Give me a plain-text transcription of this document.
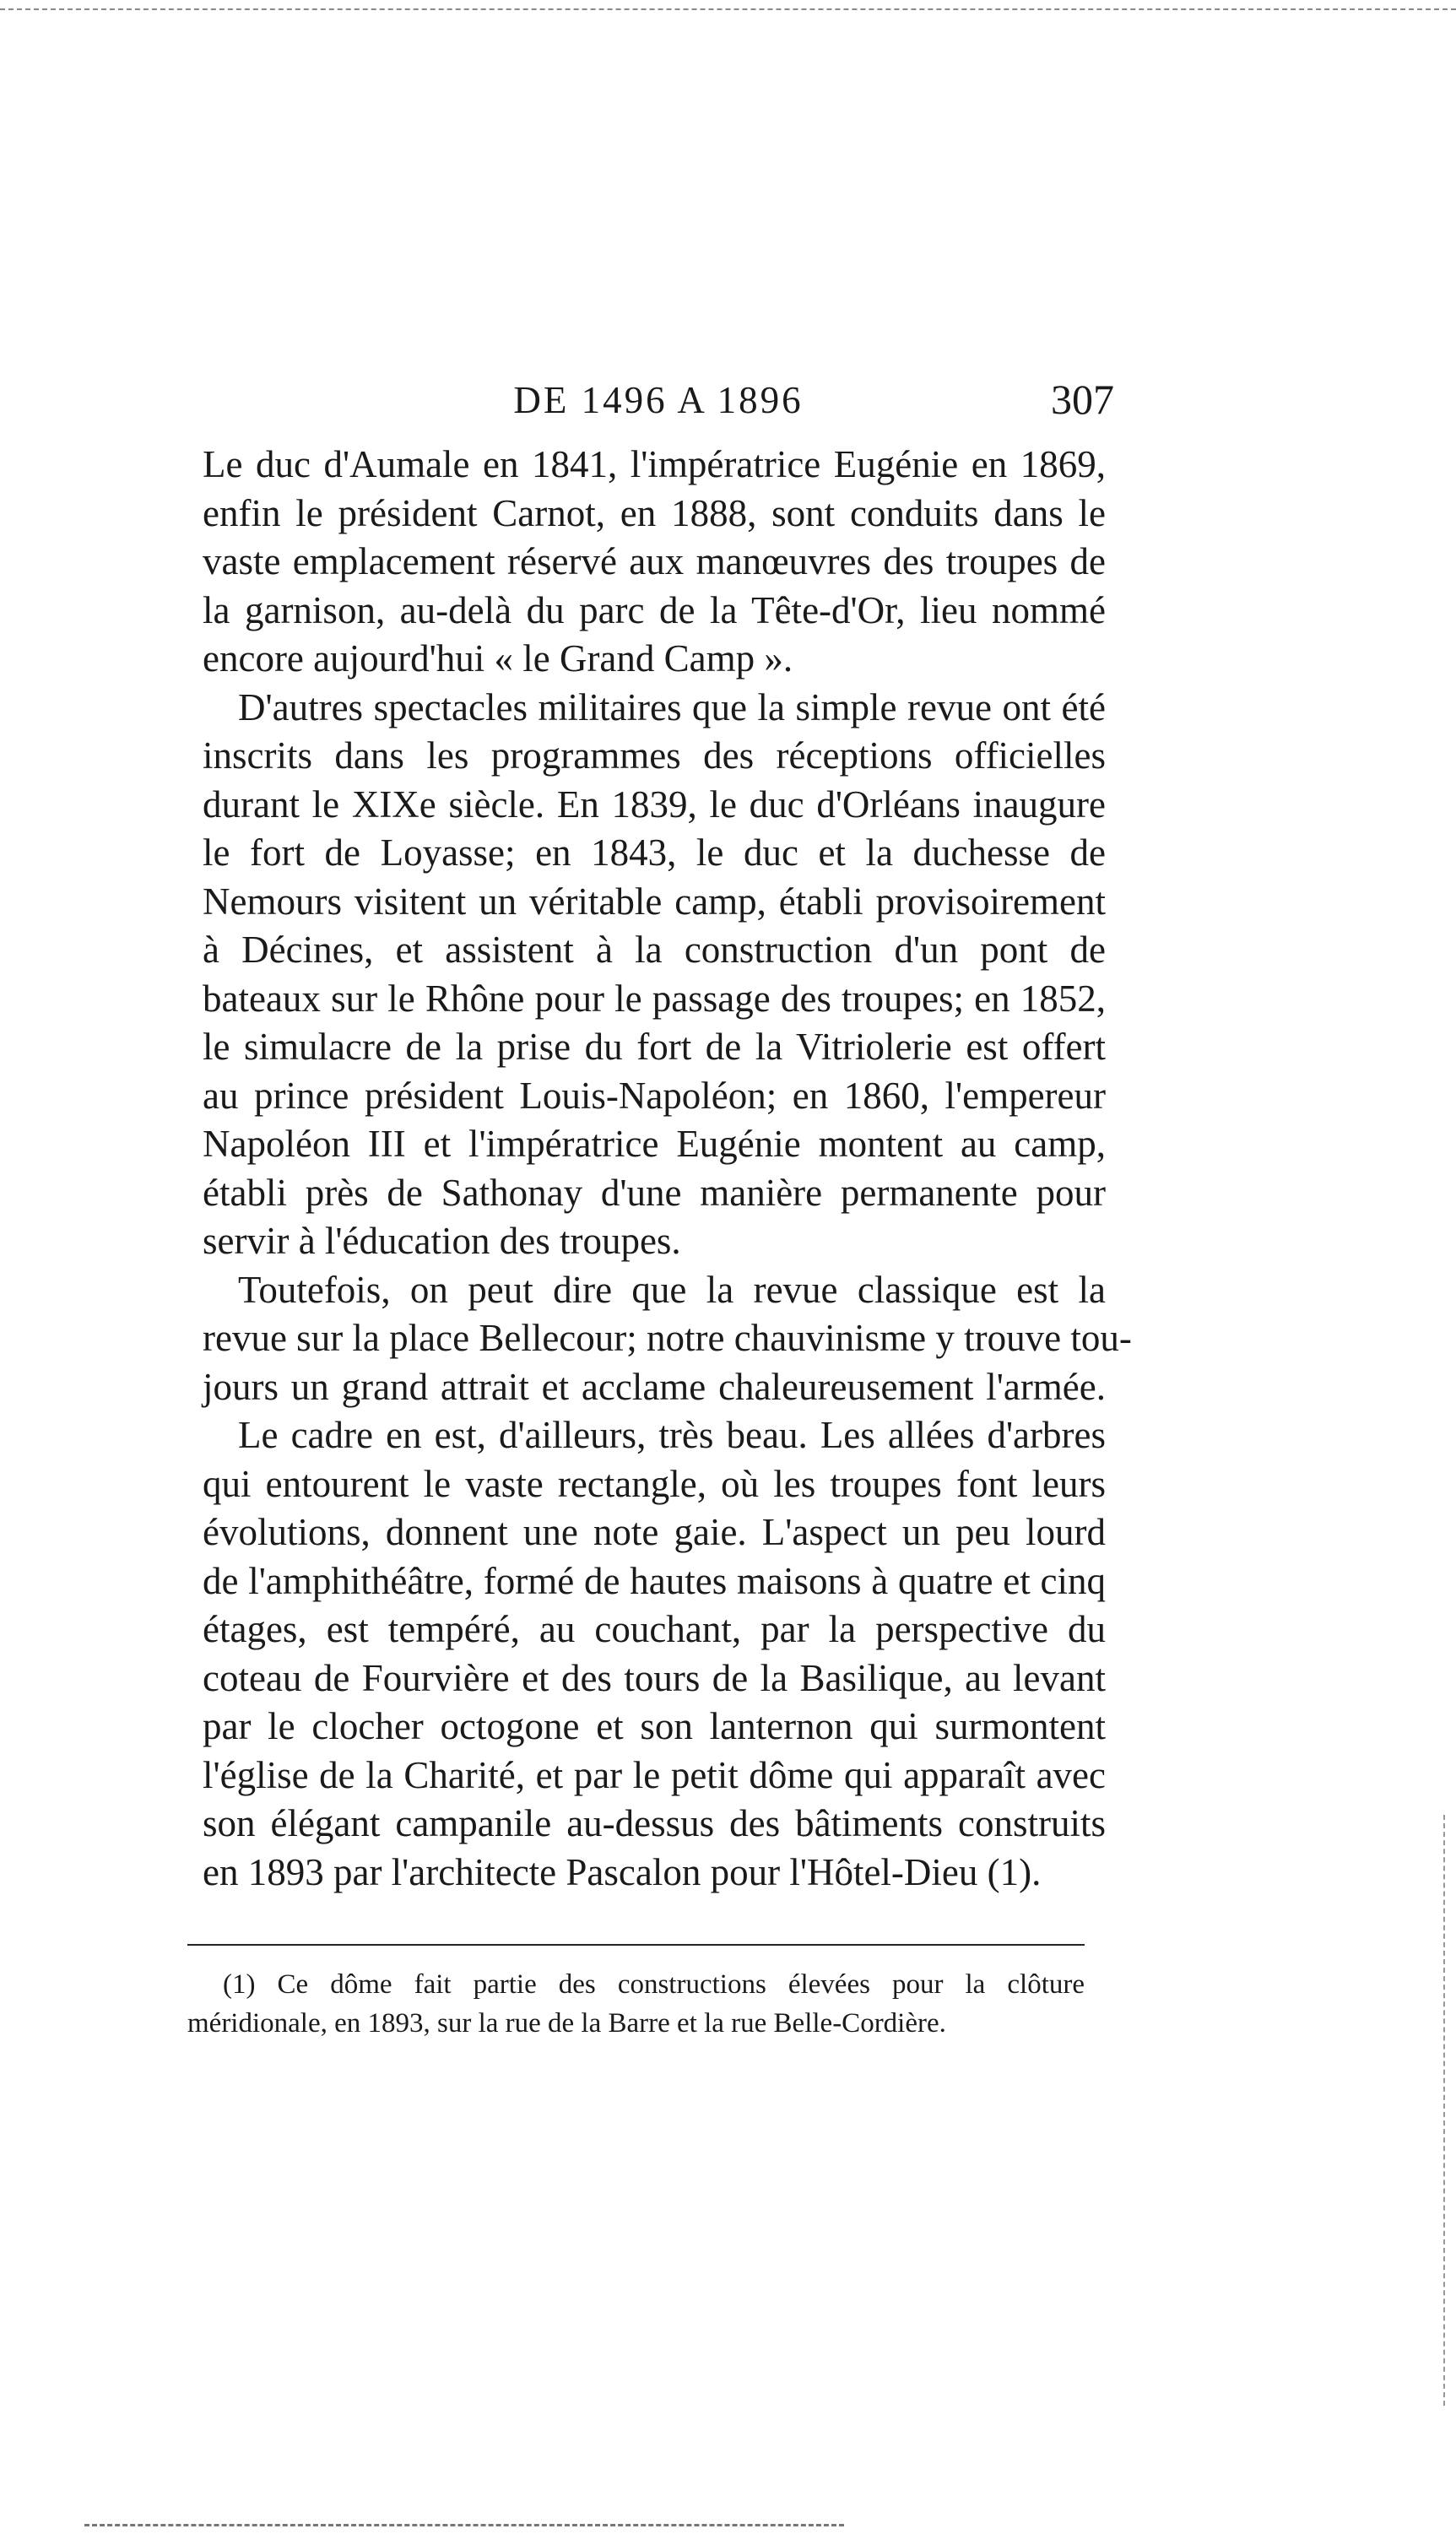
DE 1496 A 1896	307
Le duc d'Aumale en 1841, l'impératrice Eugénie en 1869,
enfin le président Carnot, en 1888, sont conduits dans le
vaste emplacement réservé aux manœuvres des troupes de
la garnison, au-delà du parc de la Tête-d'Or, lieu nommé
encore aujourd'hui « le Grand Camp ».
D'autres spectacles militaires que la simple revue ont été
inscrits dans les programmes des réceptions officielles
durant le XIXe siècle. En 1839, le duc d'Orléans inaugure
le fort de Loyasse; en 1843, le duc et la duchesse de
Nemours visitent un véritable camp, établi provisoirement
à Décines, et assistent à la construction d'un pont de
bateaux sur le Rhône pour le passage des troupes; en 1852,
le simulacre de la prise du fort de la Vitriolerie est offert
au prince président Louis-Napoléon; en 1860, l'empereur
Napoléon III et l'impératrice Eugénie montent au camp,
établi près de Sathonay d'une manière permanente pour
servir à l'éducation des troupes.
Toutefois, on peut dire que la revue classique est la
revue sur la place Bellecour; notre chauvinisme y trouve tou-
jours un grand attrait et acclame chaleureusement l'armée.
Le cadre en est, d'ailleurs, très beau. Les allées d'arbres
qui entourent le vaste rectangle, où les troupes font leurs
évolutions, donnent une note gaie. L'aspect un peu lourd
de l'amphithéâtre, formé de hautes maisons à quatre et cinq
étages, est tempéré, au couchant, par la perspective du
coteau de Fourvière et des tours de la Basilique, au levant
par le clocher octogone et son lanternon qui surmontent
l'église de la Charité, et par le petit dôme qui apparaît avec
son élégant campanile au-dessus des bâtiments construits
en 1893 par l'architecte Pascalon pour l'Hôtel-Dieu (1).
(1) Ce dôme fait partie des constructions élevées pour la clôture
méridionale, en 1893, sur la rue de la Barre et la rue Belle-Cordière.
